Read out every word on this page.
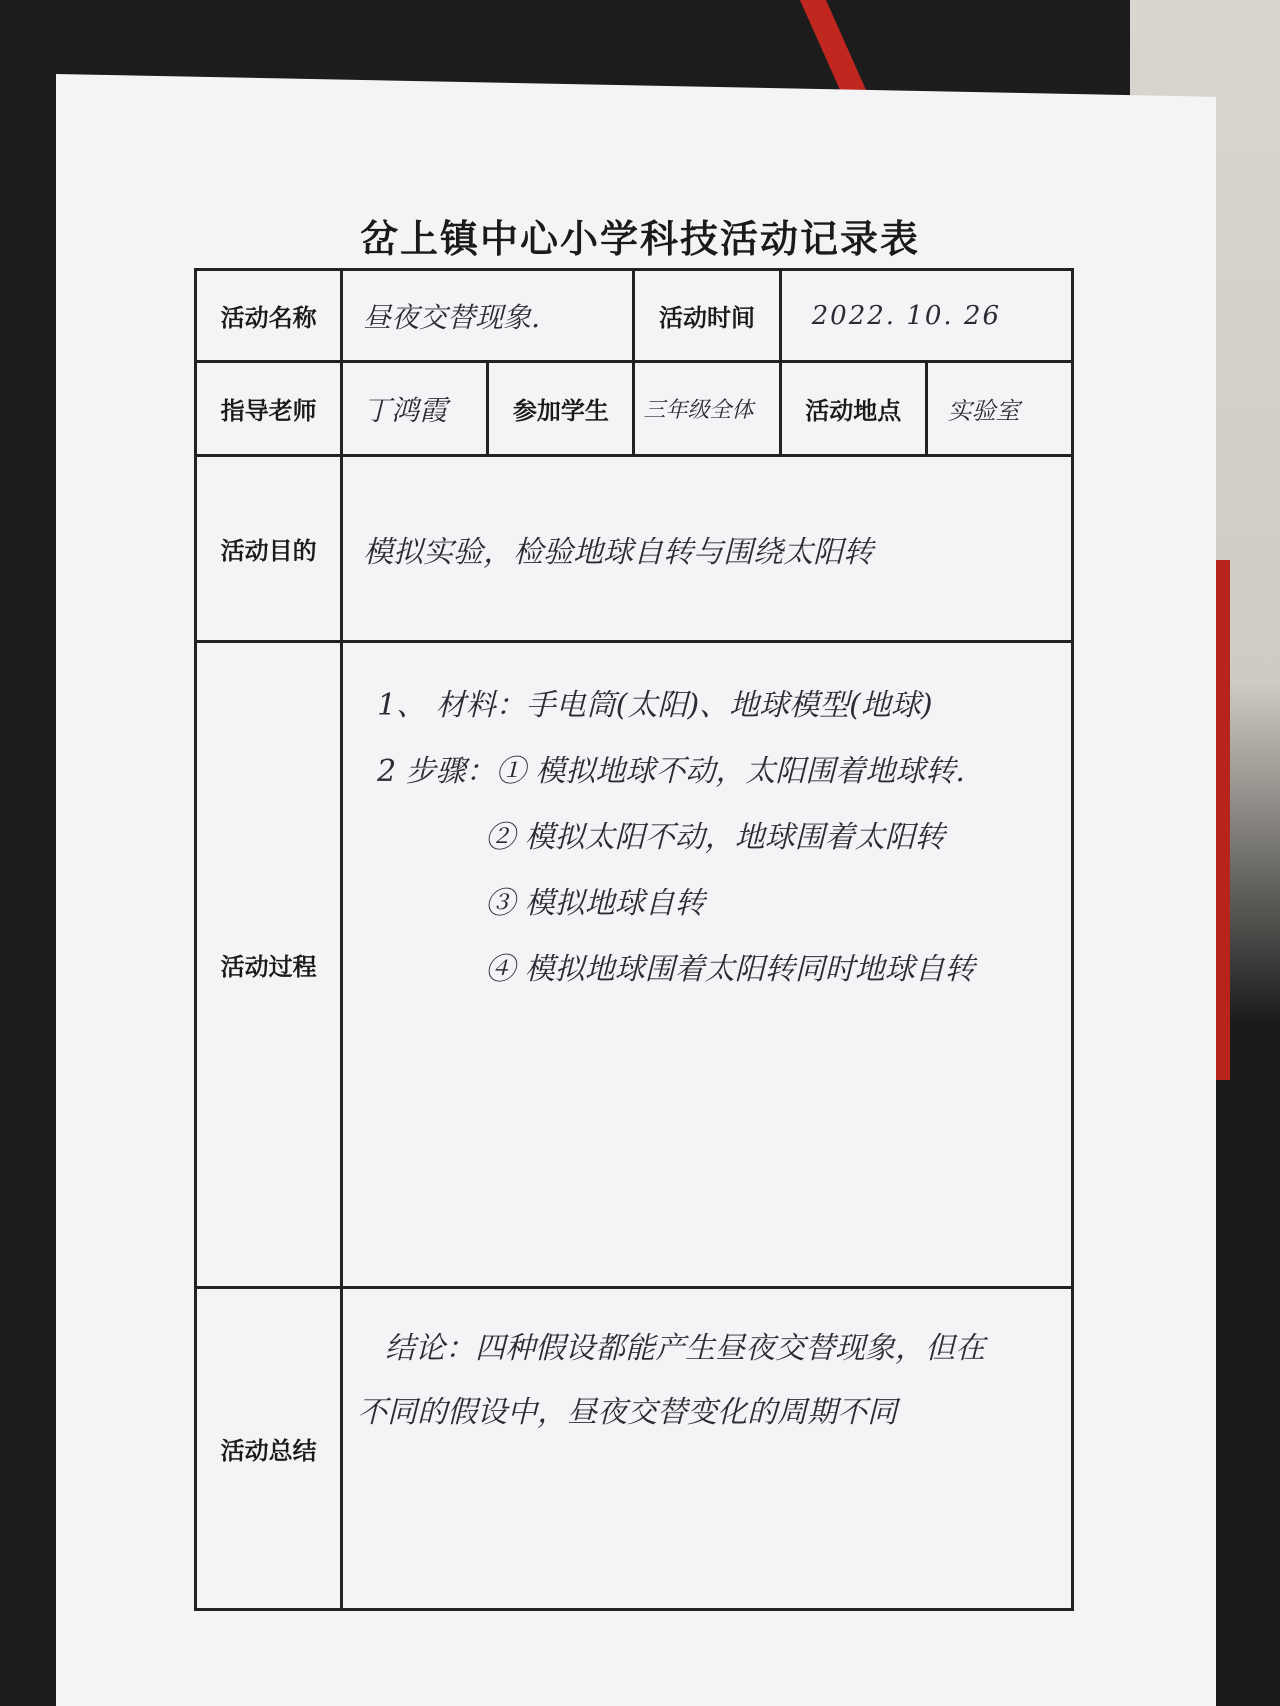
岔上镇中心小学科技活动记录表
活动名称	昼夜交替现象.		活动时间	2022. 10. 26	
指导老师	丁鸿霞	参加学生	三年级全体	活动地点	实验室
活动目的	模拟实验，检验地球自转与围绕太阳转				
活动过程	1、 材料：手电筒(太阳)、地球模型(地球)
2 步骤：① 模拟地球不动，太阳围着地球转.
② 模拟太阳不动，地球围着太阳转
③ 模拟地球自转
④ 模拟地球围着太阳转同时地球自转				

活动总结	结论：四种假设都能产生昼夜交替现象，但在
不同的假设中，昼夜交替变化的周期不同				
